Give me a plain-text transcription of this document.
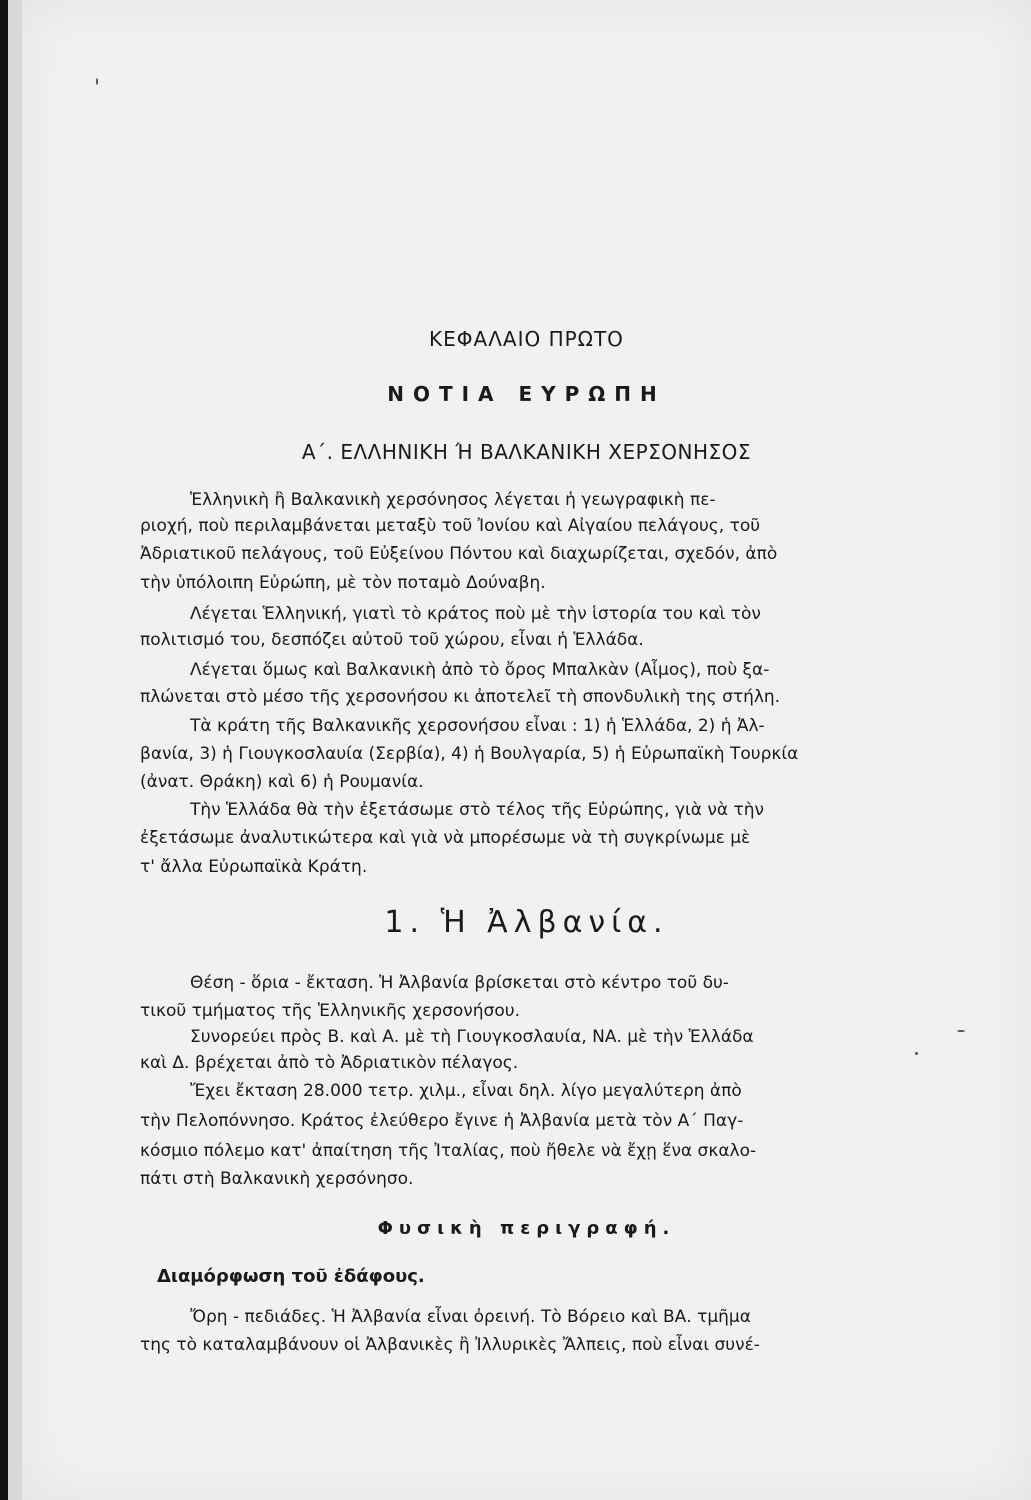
ΚΕΦΑΛΑΙΟ ΠΡΩΤΟ
ΝΟΤΙΑ ΕΥΡΩΠΗ
Α΄. ΕΛΛΗΝΙΚΗ Ή ΒΑΛΚΑΝΙΚΗ ΧΕΡΣΟΝΗΣΟΣ
Ἑλληνικὴ ἢ Βαλκανικὴ χερσόνησος λέγεται ἡ γεωγραφικὴ πε-
ριοχή, ποὺ περιλαμβάνεται μεταξὺ τοῦ Ἰονίου καὶ Αἰγαίου πελάγους, τοῦ
Ἀδριατικοῦ πελάγους, τοῦ Εὐξείνου Πόντου καὶ διαχωρίζεται, σχεδόν, ἀπὸ
τὴν ὑπόλοιπη Εὐρώπη, μὲ τὸν ποταμὸ Δούναβη.
Λέγεται Ἑλληνική, γιατὶ τὸ κράτος ποὺ μὲ τὴν ἱστορία του καὶ τὸν
πολιτισμό του, δεσπόζει αὐτοῦ τοῦ χώρου, εἶναι ἡ Ἑλλάδα.
Λέγεται ὅμως καὶ Βαλκανικὴ ἀπὸ τὸ ὄρος Μπαλκὰν (Αἷμος), ποὺ ξα-
πλώνεται στὸ μέσο τῆς χερσονήσου κι ἀποτελεῖ τὴ σπονδυλικὴ της στήλη.
Τὰ κράτη τῆς Βαλκανικῆς χερσονήσου εἶναι : 1) ἡ Ἑλλάδα, 2) ἡ Ἀλ-
βανία, 3) ἡ Γιουγκοσλαυία (Σερβία), 4) ἡ Βουλγαρία, 5) ἡ Εὐρωπαϊκὴ Τουρκία
(ἀνατ. Θράκη) καὶ 6) ἡ Ρουμανία.
Τὴν Ἑλλάδα θὰ τὴν ἐξετάσωμε στὸ τέλος τῆς Εὐρώπης, γιὰ νὰ τὴν
ἐξετάσωμε ἀναλυτικώτερα καὶ γιὰ νὰ μπορέσωμε νὰ τὴ συγκρίνωμε μὲ
τ' ἄλλα Εὐρωπαϊκὰ Κράτη.
1. Ἡ Ἀλβανία.
Θέση - ὅρια - ἔκταση. Ἡ Ἀλβανία βρίσκεται στὸ κέντρο τοῦ δυ-
τικοῦ τμήματος τῆς Ἑλληνικῆς χερσονήσου.
Συνορεύει πρὸς Β. καὶ Α. μὲ τὴ Γιουγκοσλαυία, ΝΑ. μὲ τὴν Ἑλλάδα
καὶ Δ. βρέχεται ἀπὸ τὸ Ἀδριατικὸν πέλαγος.
Ἔχει ἔκταση 28.000 τετρ. χιλμ., εἶναι δηλ. λίγο μεγαλύτερη ἀπὸ
τὴν Πελοπόννησο. Κράτος ἐλεύθερο ἔγινε ἡ Ἀλβανία μετὰ τὸν Α΄ Παγ-
κόσμιο πόλεμο κατ' ἀπαίτηση τῆς Ἰταλίας, ποὺ ἤθελε νὰ ἔχῃ ἕνα σκαλο-
πάτι στὴ Βαλκανικὴ χερσόνησο.
Φυσικὴ περιγραφή.
Διαμόρφωση τοῦ ἐδάφους.
Ὄρη - πεδιάδες. Ἡ Ἀλβανία εἶναι ὀρεινή. Τὸ Βόρειο καὶ ΒΑ. τμῆμα
της τὸ καταλαμβάνουν οἱ Ἀλβανικὲς ἢ Ἰλλυρικὲς Ἄλπεις, ποὺ εἶναι συνέ-
